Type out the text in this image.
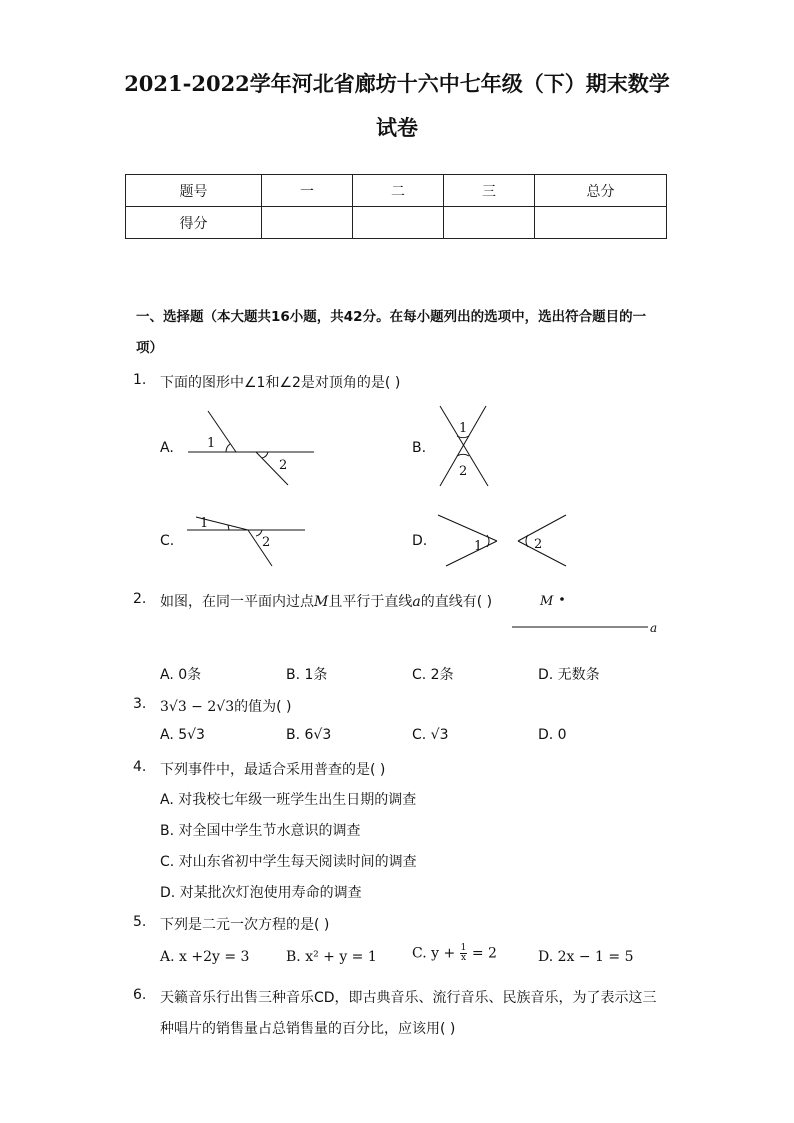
2021-2022学年河北省廊坊十六中七年级（下）期末数学
试卷
题号	一	二	三	总分
得分				
一、选择题（本大题共16小题，共42分。在每小题列出的选项中，选出符合题目的一
项）
1. 下面的图形中∠1和∠2是对顶角的是( )
A.	B.
C.	D.
1
2
1
2
1
2	1	2
M
a
2. 如图，在同一平面内过点M且平行于直线a的直线有( )
A. 0条	B. 1条	C. 2条	D. 无数条
3. 3√3 − 2√3的值为( )
A. 5√3	B. 6√3	C. √3	D. 0
4. 下列事件中，最适合采用普查的是( )
A. 对我校七年级一班学生出生日期的调查
B. 对全国中学生节水意识的调查
C. 对山东省初中学生每天阅读时间的调查
D. 对某批次灯泡使用寿命的调查
5. 下列是二元一次方程的是( )
A. x +2y = 3	B. x² + y = 1	C. $y + \frac{1}{x} = 2$	D. 2x − 1 = 5
6. 天籁音乐行出售三种音乐CD，即古典音乐、流行音乐、民族音乐，为了表示这三
种唱片的销售量占总销售量的百分比，应该用( )
